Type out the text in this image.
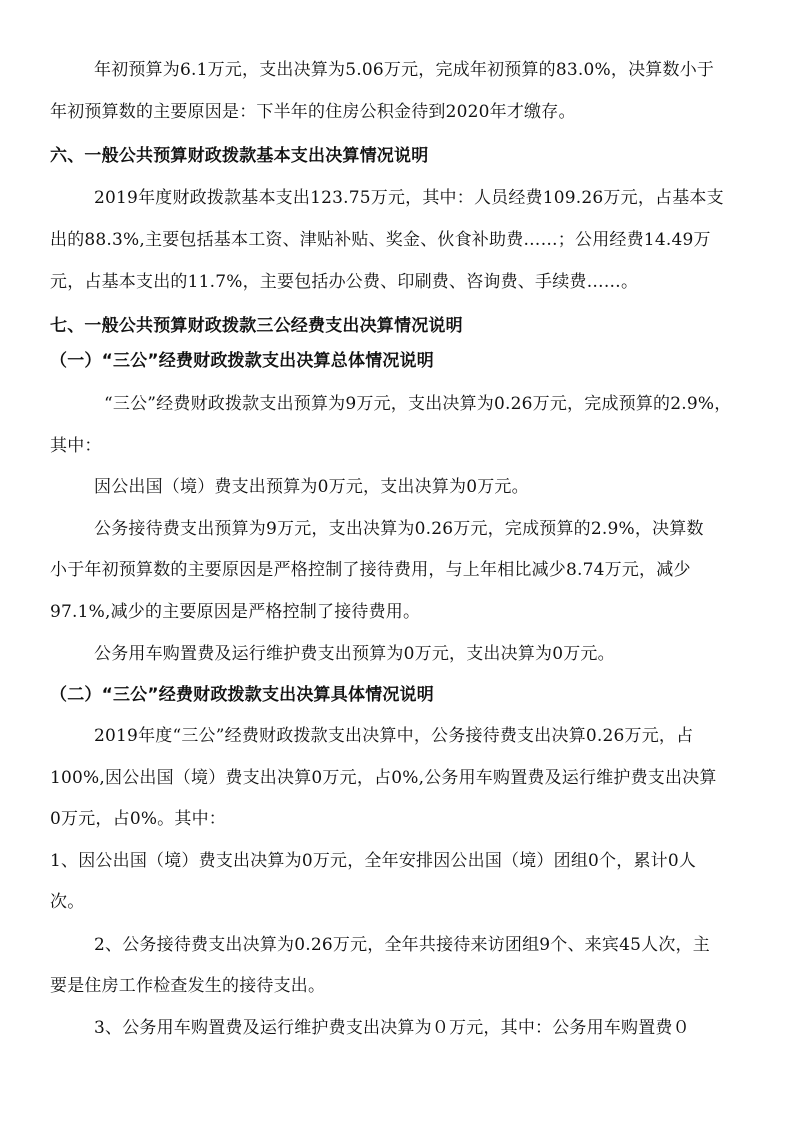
年初预算为6.1万元，支出决算为5.06万元，完成年初预算的83.0%，决算数小于
年初预算数的主要原因是：下半年的住房公积金待到2020年才缴存。
六、一般公共预算财政拨款基本支出决算情况说明
2019年度财政拨款基本支出123.75万元，其中：人员经费109.26万元，占基本支
出的88.3%,主要包括基本工资、津贴补贴、奖金、伙食补助费……；公用经费14.49万
元，占基本支出的11.7%，主要包括办公费、印刷费、咨询费、手续费……。
七、一般公共预算财政拨款三公经费支出决算情况说明
（一）“三公”经费财政拨款支出决算总体情况说明
“三公”经费财政拨款支出预算为9万元，支出决算为0.26万元，完成预算的2.9%，
其中：
因公出国（境）费支出预算为0万元，支出决算为0万元。
公务接待费支出预算为9万元，支出决算为0.26万元，完成预算的2.9%，决算数
小于年初预算数的主要原因是严格控制了接待费用，与上年相比减少8.74万元，减少
97.1%,减少的主要原因是严格控制了接待费用。
公务用车购置费及运行维护费支出预算为0万元，支出决算为0万元。
（二）“三公”经费财政拨款支出决算具体情况说明
2019年度“三公”经费财政拨款支出决算中，公务接待费支出决算0.26万元，占
100%,因公出国（境）费支出决算0万元，占0%,公务用车购置费及运行维护费支出决算
0万元，占0%。其中：
1、因公出国（境）费支出决算为0万元，全年安排因公出国（境）团组0个，累计0人
次。
2、公务接待费支出决算为0.26万元，全年共接待来访团组9个、来宾45人次，主
要是住房工作检查发生的接待支出。
3、公务用车购置费及运行维护费支出决算为０万元，其中：公务用车购置费０
